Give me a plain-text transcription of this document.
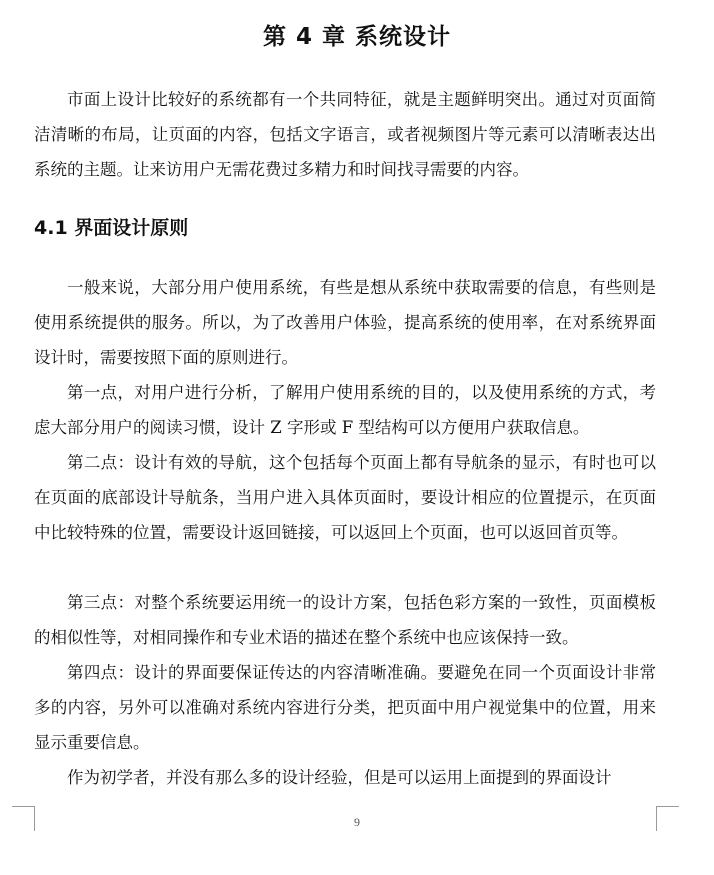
第 4 章 系统设计

市面上设计比较好的系统都有一个共同特征，就是主题鲜明突出。通过对页面简洁清晰的布局，让页面的内容，包括文字语言，或者视频图片等元素可以清晰表达出系统的主题。让来访用户无需花费过多精力和时间找寻需要的内容。

4.1 界面设计原则

一般来说，大部分用户使用系统，有些是想从系统中获取需要的信息，有些则是使用系统提供的服务。所以，为了改善用户体验，提高系统的使用率，在对系统界面设计时，需要按照下面的原则进行。

第一点，对用户进行分析，了解用户使用系统的目的，以及使用系统的方式，考虑大部分用户的阅读习惯，设计 Z 字形或 F 型结构可以方便用户获取信息。

第二点：设计有效的导航，这个包括每个页面上都有导航条的显示，有时也可以在页面的底部设计导航条，当用户进入具体页面时，要设计相应的位置提示，在页面中比较特殊的位置，需要设计返回链接，可以返回上个页面，也可以返回首页等。

第三点：对整个系统要运用统一的设计方案，包括色彩方案的一致性，页面模板的相似性等，对相同操作和专业术语的描述在整个系统中也应该保持一致。

第四点：设计的界面要保证传达的内容清晰准确。要避免在同一个页面设计非常多的内容，另外可以准确对系统内容进行分类，把页面中用户视觉集中的位置，用来显示重要信息。

作为初学者，并没有那么多的设计经验，但是可以运用上面提到的界面设计

9
